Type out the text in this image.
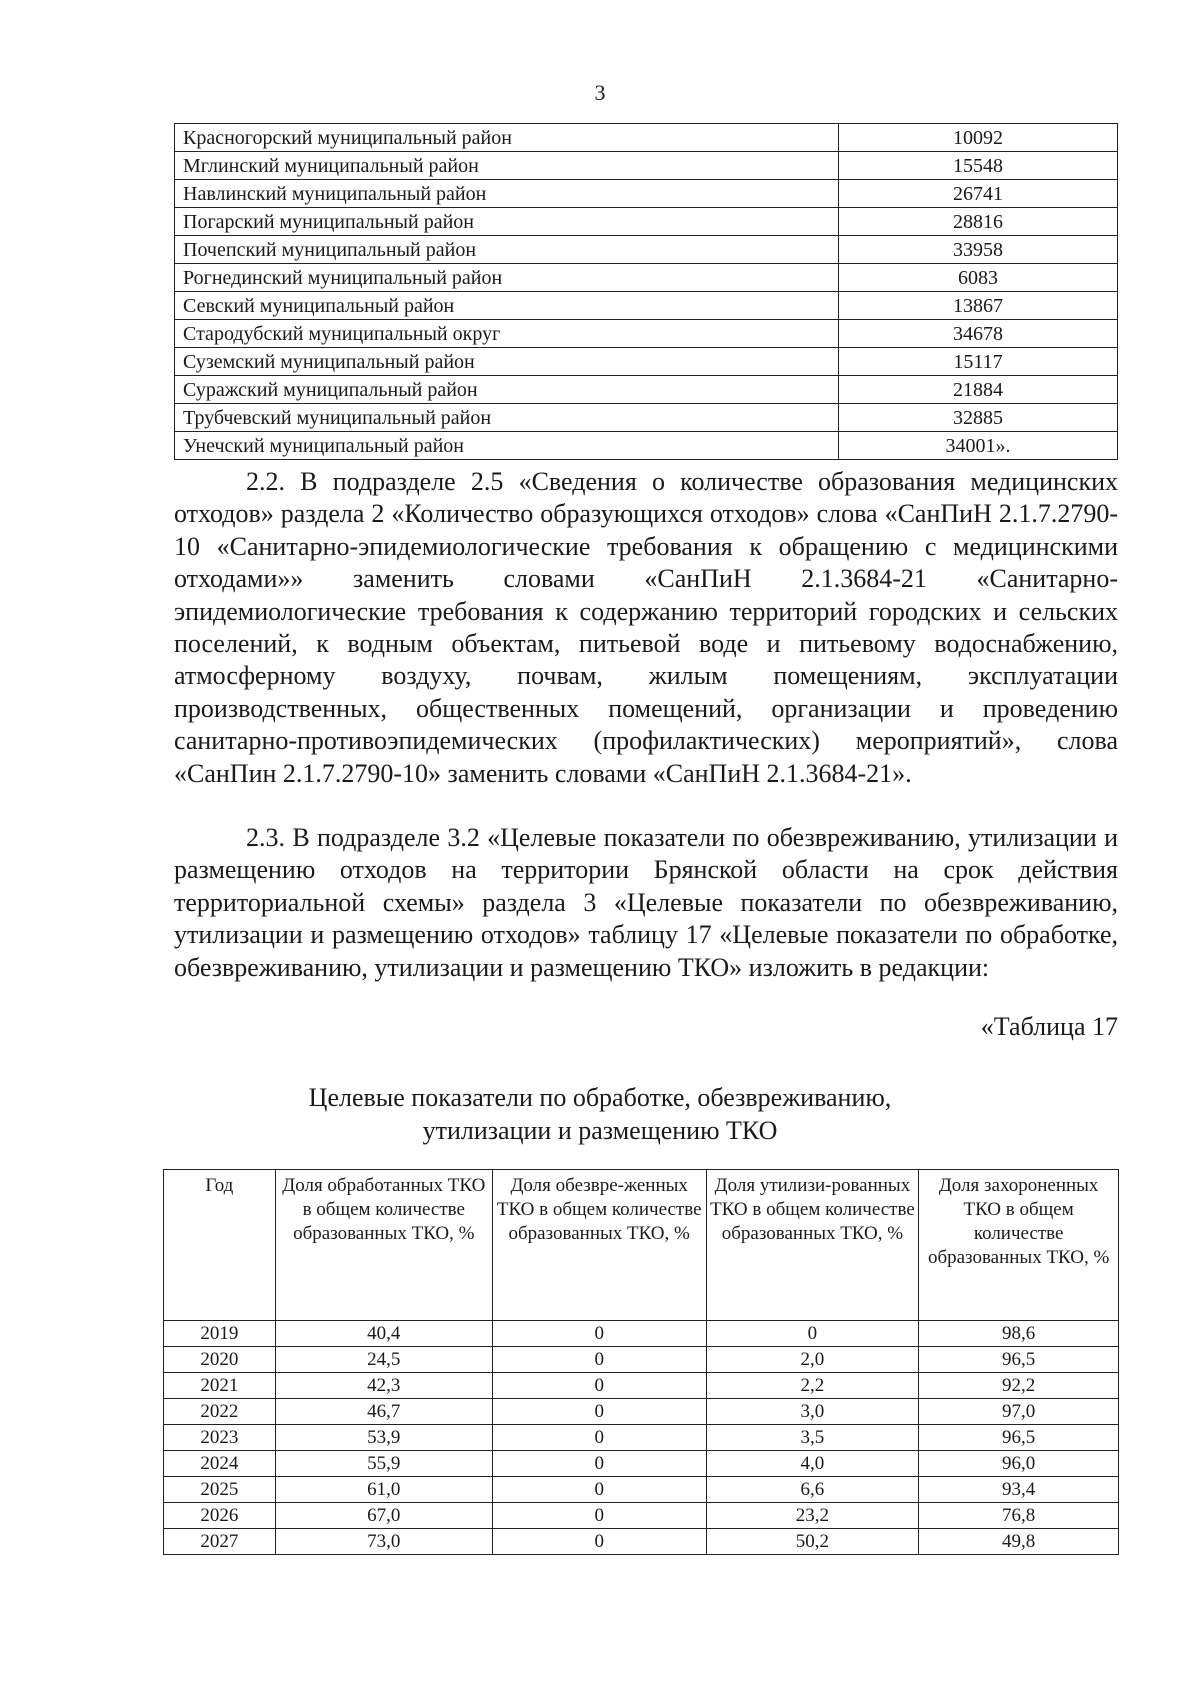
3
Красногорский муниципальный район	10092
Мглинский муниципальный район	15548
Навлинский муниципальный район	26741
Погарский муниципальный район	28816
Почепский муниципальный район	33958
Рогнединский муниципальный район	6083
Севский муниципальный район	13867
Стародубский муниципальный округ	34678
Суземский муниципальный район	15117
Суражский муниципальный район	21884
Трубчевский муниципальный район	32885
Унечский муниципальный район	34001».

2.2. В подразделе 2.5 «Сведения о количестве образования медицинских отходов» раздела 2 «Количество образующихся отходов» слова «СанПиН 2.1.7.2790-10 «Санитарно-эпидемиологические требования к обращению с медицинскими отходами»» заменить словами «СанПиН 2.1.3684-21 «Санитарно-эпидемиологические требования к содержанию территорий городских и сельских поселений, к водным объектам, питьевой воде и питьевому водоснабжению, атмосферному воздуху, почвам, жилым помещениям, эксплуатации производственных, общественных помещений, организации и проведению санитарно-противоэпидемических (профилактических) мероприятий», слова «СанПин 2.1.7.2790-10» заменить словами «СанПиН 2.1.3684-21».

2.3. В подразделе 3.2 «Целевые показатели по обезвреживанию, утилизации и размещению отходов на территории Брянской области на срок действия территориальной схемы» раздела 3 «Целевые показатели по обезвреживанию, утилизации и размещению отходов» таблицу 17 «Целевые показатели по обработке, обезвреживанию, утилизации и размещению ТКО» изложить в редакции:

«Таблица 17
Целевые показатели по обработке, обезвреживанию,
утилизации и размещению ТКО
Год	Доля обработанных ТКО в общем количестве образованных ТКО, %	Доля обезвре-женных ТКО в общем количестве образованных ТКО, %	Доля утилизи-рованных ТКО в общем количестве образованных ТКО, %	Доля захороненных ТКО в общем количестве образованных ТКО, %
2019	40,4	0	0	98,6
2020	24,5	0	2,0	96,5
2021	42,3	0	2,2	92,2
2022	46,7	0	3,0	97,0
2023	53,9	0	3,5	96,5
2024	55,9	0	4,0	96,0
2025	61,0	0	6,6	93,4
2026	67,0	0	23,2	76,8
2027	73,0	0	50,2	49,8
